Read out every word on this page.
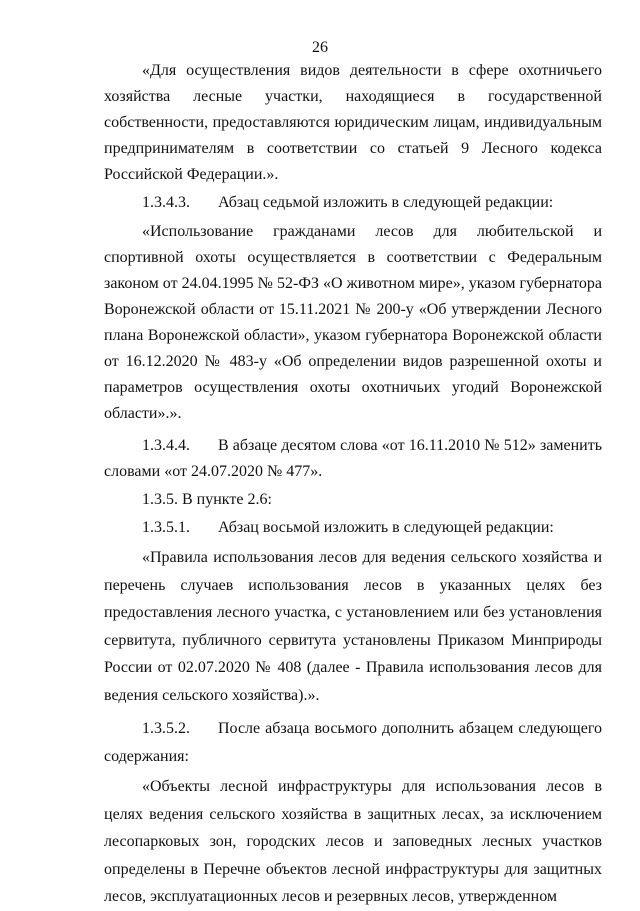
26

«Для осуществления видов деятельности в сфере охотничьего хозяйства лесные участки, находящиеся в государственной собственности, предоставляются юридическим лицам, индивидуальным предпринимателям в соответствии со статьей 9 Лесного кодекса Российской Федерации.».

1.3.4.3. Абзац седьмой изложить в следующей редакции:

«Использование гражданами лесов для любительской и спортивной охоты осуществляется в соответствии с Федеральным законом от 24.04.1995 № 52-ФЗ «О животном мире», указом губернатора Воронежской области от 15.11.2021 № 200-у «Об утверждении Лесного плана Воронежской области», указом губернатора Воронежской области от 16.12.2020 № 483-у «Об определении видов разрешенной охоты и параметров осуществления охоты охотничьих угодий Воронежской области».».

1.3.4.4. В абзаце десятом слова «от 16.11.2010 № 512» заменить словами «от 24.07.2020 № 477».

1.3.5. В пункте 2.6:

1.3.5.1. Абзац восьмой изложить в следующей редакции:

«Правила использования лесов для ведения сельского хозяйства и перечень случаев использования лесов в указанных целях без предоставления лесного участка, с установлением или без установления сервитута, публичного сервитута установлены Приказом Минприроды России от 02.07.2020 № 408 (далее - Правила использования лесов для ведения сельского хозяйства).».

1.3.5.2. После абзаца восьмого дополнить абзацем следующего содержания:

«Объекты лесной инфраструктуры для использования лесов в целях ведения сельского хозяйства в защитных лесах, за исключением лесопарковых зон, городских лесов и заповедных лесных участков определены в Перечне объектов лесной инфраструктуры для защитных лесов, эксплуатационных лесов и резервных лесов, утвержденном
